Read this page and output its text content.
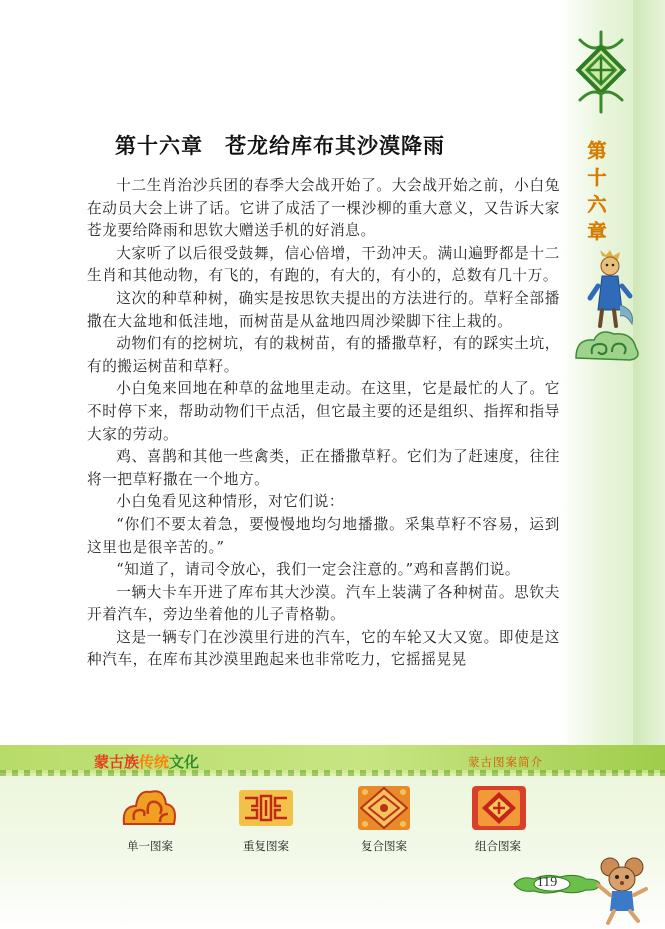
第
十
六
章
第十六章　苍龙给库布其沙漠降雨

十二生肖治沙兵团的春季大会战开始了。大会战开始之前，小白兔在动员大会上讲了话。它讲了成活了一棵沙柳的重大意义，又告诉大家苍龙要给降雨和思钦大赠送手机的好消息。

大家听了以后很受鼓舞，信心倍增，干劲冲天。满山遍野都是十二生肖和其他动物，有飞的，有跑的，有大的，有小的，总数有几十万。

这次的种草种树，确实是按思钦夫提出的方法进行的。草籽全部播撒在大盆地和低洼地，而树苗是从盆地四周沙梁脚下往上栽的。

动物们有的挖树坑，有的栽树苗，有的播撒草籽，有的踩实土坑，有的搬运树苗和草籽。

小白兔来回地在种草的盆地里走动。在这里，它是最忙的人了。它不时停下来，帮助动物们干点活，但它最主要的还是组织、指挥和指导大家的劳动。

鸡、喜鹊和其他一些禽类，正在播撒草籽。它们为了赶速度，往往将一把草籽撒在一个地方。

小白兔看见这种情形，对它们说：

“你们不要太着急，要慢慢地均匀地播撒。采集草籽不容易，运到这里也是很辛苦的。”

“知道了，请司令放心，我们一定会注意的。”鸡和喜鹊们说。

一辆大卡车开进了库布其大沙漠。汽车上装满了各种树苗。思钦夫开着汽车，旁边坐着他的儿子青格勒。

这是一辆专门在沙漠里行进的汽车，它的车轮又大又宽。即使是这种汽车，在库布其沙漠里跑起来也非常吃力，它摇摇晃晃

蒙古族传统文化	蒙古图案简介
单一图案	重复图案	复合图案	组合图案
119
